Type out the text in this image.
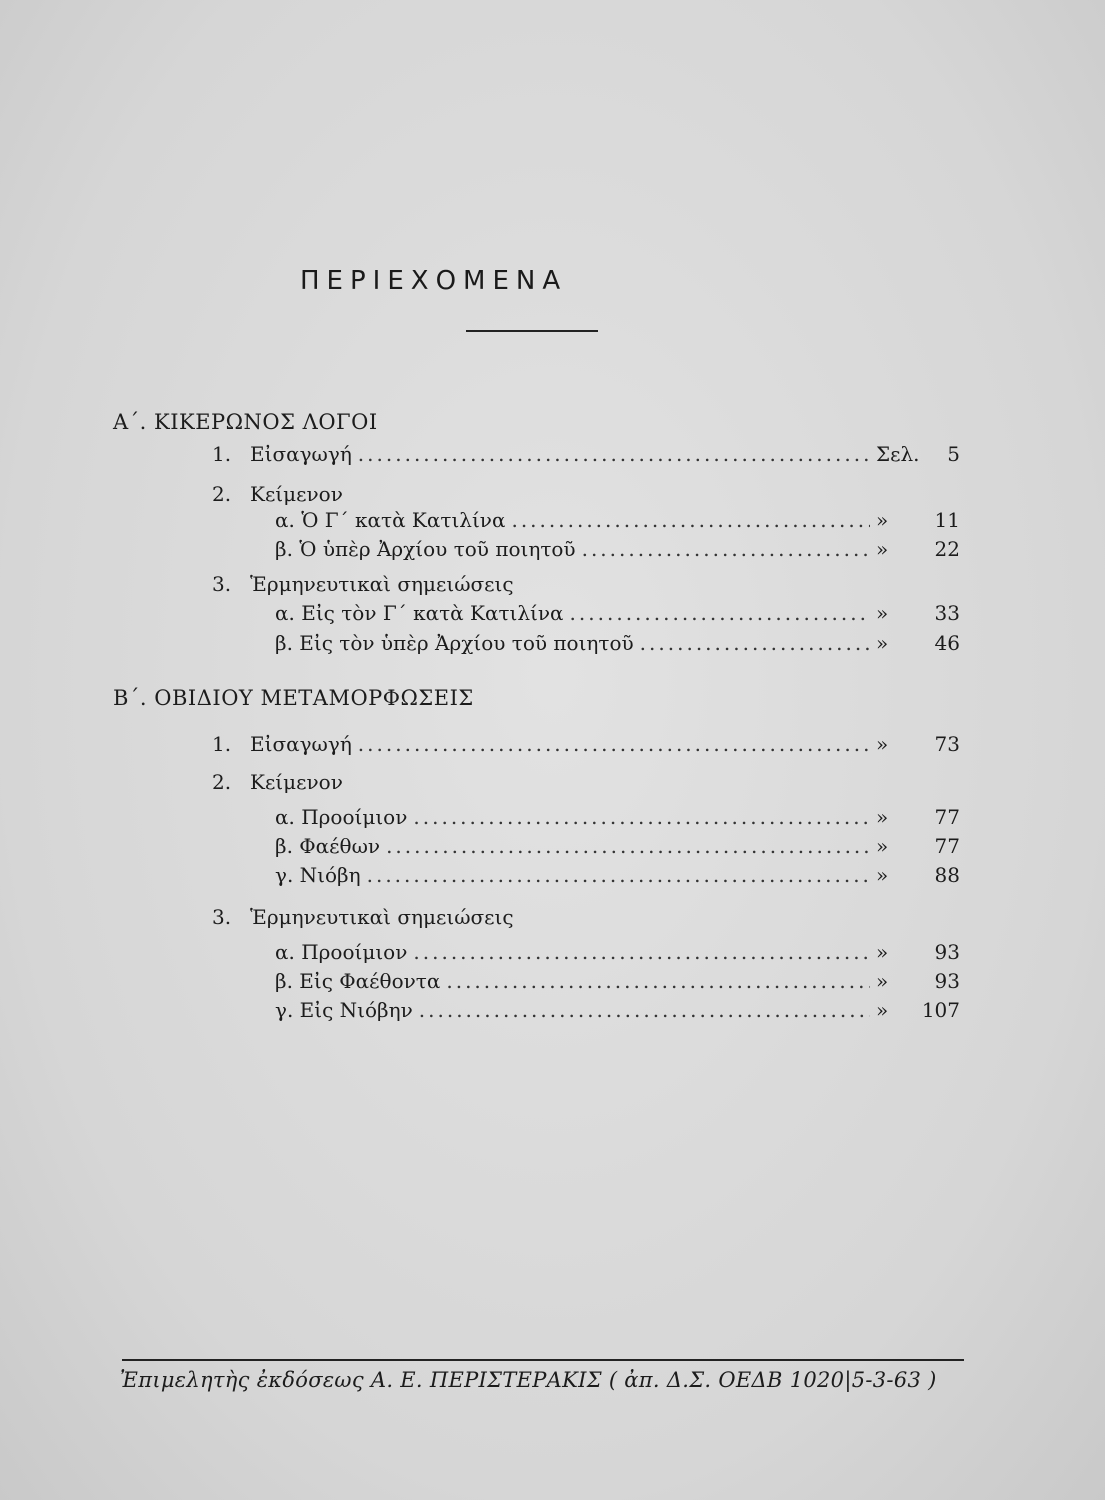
ΠΕΡΙΕΧΟΜΕΝΑ
Α΄. ΚΙΚΕΡΩΝΟΣ ΛΟΓΟΙ
1. Εἰσαγωγή .....	Σελ.	5
2. Κείμενον
α. Ὁ Γ΄ κατὰ Κατιλίνα .....	»	11
β. Ὁ ὑπὲρ Ἀρχίου τοῦ ποιητοῦ .....	»	22
3. Ἑρμηνευτικαὶ σημειώσεις
α. Εἰς τὸν Γ΄ κατὰ Κατιλίνα .....	»	33
β. Εἰς τὸν ὑπὲρ Ἀρχίου τοῦ ποιητοῦ .....	»	46
Β΄. ΟΒΙΔΙΟΥ ΜΕΤΑΜΟΡΦΩΣΕΙΣ
1. Εἰσαγωγή .....	»	73
2. Κείμενον
α. Προοίμιον .....	»	77
β. Φαέθων .....	»	77
γ. Νιόβη .....	»	88
3. Ἑρμηνευτικαὶ σημειώσεις
α. Προοίμιον .....	»	93
β. Εἰς Φαέθοντα .....	»	93
γ. Εἰς Νιόβην .....	»	107
Ἐπιμελητὴς ἐκδόσεως Α. Ε. ΠΕΡΙΣΤΕΡΑΚΙΣ ( ἀπ. Δ.Σ. ΟΕΔΒ 1020|5-3-63 )
